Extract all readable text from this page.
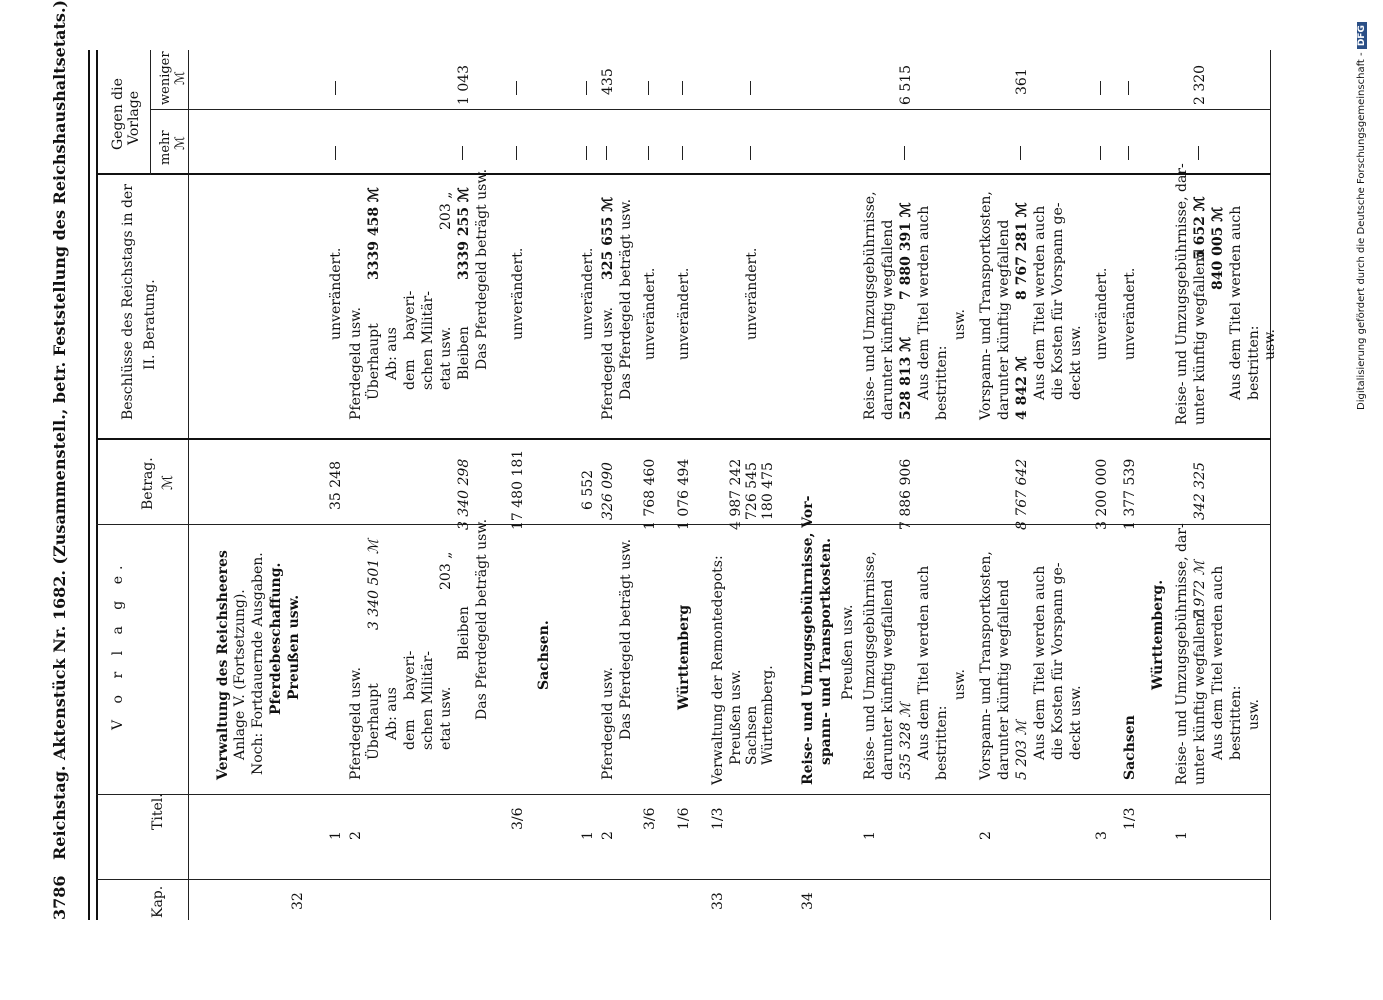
3786
Reichstag. Aktenstück Nr. 1682. (Zusammenstell., betr. Feststellung des Reichshaushaltsetats.)
Kap.
Titel.
V o r l a g e.
Betrag. ℳ
Beschlüsse des Reichstags in der II. Beratung.
Gegen die Vorlage
mehr
weniger
ℳ
ℳ
Verwaltung des Reichsheeres Anlage V. (Fortsetzung). Noch: Fortdauernde Ausgaben. Pferdebeschaffung. Preußen usw.
32
1 2
35 248
unverändert.
Pferdegeld usw. Überhaupt
3 340 501 ℳ
Ab: aus dem
bayeri- schen Militär- etat usw.
203 „
Bleiben
3 340 298
Das Pferdegeld beträgt usw.
Pferdegeld usw. Überhaupt
3339 458 ℳ
Ab: aus dem
bayeri- schen Militär- etat usw.
203 „
Bleiben
3339 255 ℳ Das Pferdegeld beträgt usw.
1 043
3/6
17 480 181
unverändert.
Sachsen.
1
6 552
unverändert.
2
Pferdegeld usw.
326 090
Pferdegeld usw.
325 655 ℳ
435
Das Pferdegeld beträgt usw.
Das Pferdegeld beträgt usw.
3/6
1 768 460
unverändert.
1/6
Württemberg
1 076 494
unverändert.
33
1/3
Verwaltung der Remontedepots: Preußen usw. Sachsen Württemberg.
4 987 242 726 545 180 475
unverändert.
34
Reise- und Umzugsgebührnisse, Vor- spann- und Transportkosten. Preußen usw.
1
Reise- und Umzugsgebührnisse, darunter künftig wegfallend 535 328 ℳ Aus dem Titel werden auch bestritten:
usw.
7 886 906
Reise- und Umzugsgebührnisse, darunter künftig wegfallend 528 813 ℳ
7 880 391 ℳ Aus dem Titel werden auch bestritten:
usw.
6 515
2
Vorspann- und Transportkosten, darunter künftig wegfallend 5 203 ℳ Aus dem Titel werden auch die Kosten für Vorspann ge- deckt usw.
8 767 642
Vorspann- und Transportkosten, darunter künftig wegfallend 4 842 ℳ
8 767 281 ℳ Aus dem Titel werden auch die Kosten für Vorspann ge- deckt usw.
361
3
3 200 000
unverändert.
1/3
Sachsen
1 377 539
unverändert.
Württemberg.
1
Reise- und Umzugsgebührnisse, dar- unter künftig wegfallend
7 972 ℳ Aus dem Titel werden auch bestritten: usw.
342 325
Reise- und Umzugsgebührnisse, dar- unter künftig wegfallend
5 652 ℳ 840 005 ℳ Aus dem Titel werden auch bestritten: usw.
2 320	Digitalisierung gefördert durch die Deutsche Forschungsgemeinschaft - DFG
